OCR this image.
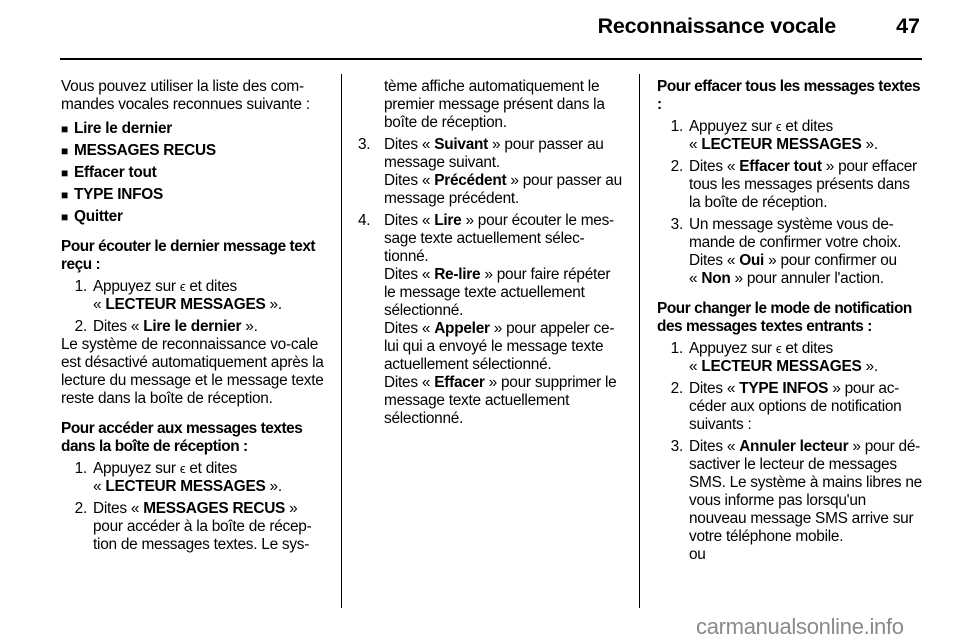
Reconnaissance vocale	47

Vous pouvez utiliser la liste des com-mandes vocales reconnues suivante :

■ Lire le dernier
■ MESSAGES RECUS
■ Effacer tout
■ TYPE INFOS
■ Quitter

Pour écouter le dernier message text reçu :

1. Appuyez sur ϵ et dites
« LECTEUR MESSAGES ».
2. Dites « Lire le dernier ».

Le système de reconnaissance vo-cale est désactivé automatiquement après la lecture du message et le message texte reste dans la boîte de réception.

Pour accéder aux messages textes dans la boîte de réception :

1. Appuyez sur ϵ et dites
« LECTEUR MESSAGES ».
2. Dites « MESSAGES RECUS » pour accéder à la boîte de récep-tion de messages textes. Le sys-

tème affiche automatiquement le premier message présent dans la boîte de réception.

3. Dites « Suivant » pour passer au message suivant.

Dites « Précédent » pour passer au message précédent.

4. Dites « Lire » pour écouter le mes-sage texte actuellement sélec-tionné.

Dites « Re-lire » pour faire répéter le message texte actuellement sélectionné.

Dites « Appeler » pour appeler ce-lui qui a envoyé le message texte actuellement sélectionné.

Dites « Effacer » pour supprimer le message texte actuellement sélectionné.

Pour effacer tous les messages textes :

1. Appuyez sur ϵ et dites
« LECTEUR MESSAGES ».
2. Dites « Effacer tout » pour effacer tous les messages présents dans la boîte de réception.
3. Un message système vous de-mande de confirmer votre choix.

Dites « Oui » pour confirmer ou
« Non » pour annuler l'action.

Pour changer le mode de notification des messages textes entrants :

1. Appuyez sur ϵ et dites
« LECTEUR MESSAGES ».
2. Dites « TYPE INFOS » pour ac-céder aux options de notification suivants :
3. Dites « Annuler lecteur » pour dé-sactiver le lecteur de messages SMS. Le système à mains libres ne vous informe pas lorsqu'un nouveau message SMS arrive sur votre téléphone mobile.

ou

carmanualsonline.info
